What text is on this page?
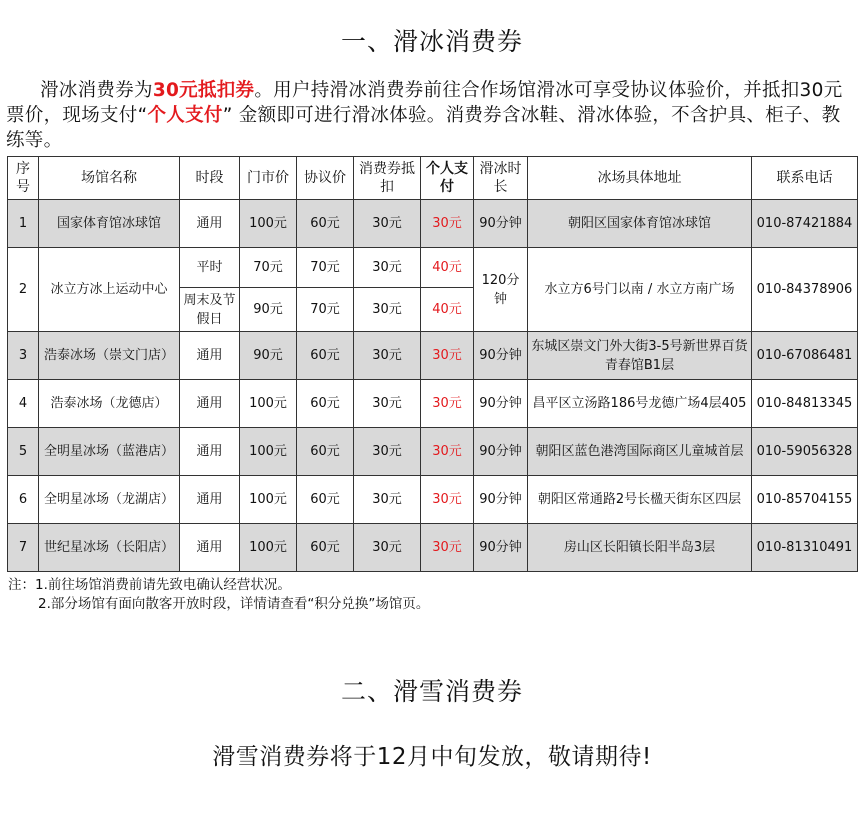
一、滑冰消费券
滑冰消费券为30元抵扣券。用户持滑冰消费券前往合作场馆滑冰可享受协议体验价，并抵扣30元票价，现场支付“个人支付” 金额即可进行滑冰体验。消费券含冰鞋、滑冰体验，不含护具、柜子、教练等。
序号	场馆名称	时段	门市价	协议价	消费券抵扣	个人支付	滑冰时长	冰场具体地址	联系电话
1	国家体育馆冰球馆	通用	100元	60元	30元	30元	90分钟	朝阳区国家体育馆冰球馆	010-87421884
2	冰立方冰上运动中心	平时	70元	70元	30元	40元	120分钟	水立方6号门以南 / 水立方南广场	010-84378906
		周末及节假日	90元	70元	30元	40元			
3	浩泰冰场（崇文门店）	通用	90元	60元	30元	30元	90分钟	东城区崇文门外大街3-5号新世界百货青春馆B1层	010-67086481
4	浩泰冰场（龙德店）	通用	100元	60元	30元	30元	90分钟	昌平区立汤路186号龙德广场4层405	010-84813345
5	全明星冰场（蓝港店）	通用	100元	60元	30元	30元	90分钟	朝阳区蓝色港湾国际商区儿童城首层	010-59056328
6	全明星冰场（龙湖店）	通用	100元	60元	30元	30元	90分钟	朝阳区常通路2号长楹天街东区四层	010-85704155
7	世纪星冰场（长阳店）	通用	100元	60元	30元	30元	90分钟	房山区长阳镇长阳半岛3层	010-81310491
注：1.前往场馆消费前请先致电确认经营状况。
2.部分场馆有面向散客开放时段，详情请查看“积分兑换”场馆页。
二、滑雪消费券
滑雪消费券将于12月中旬发放，敬请期待!
